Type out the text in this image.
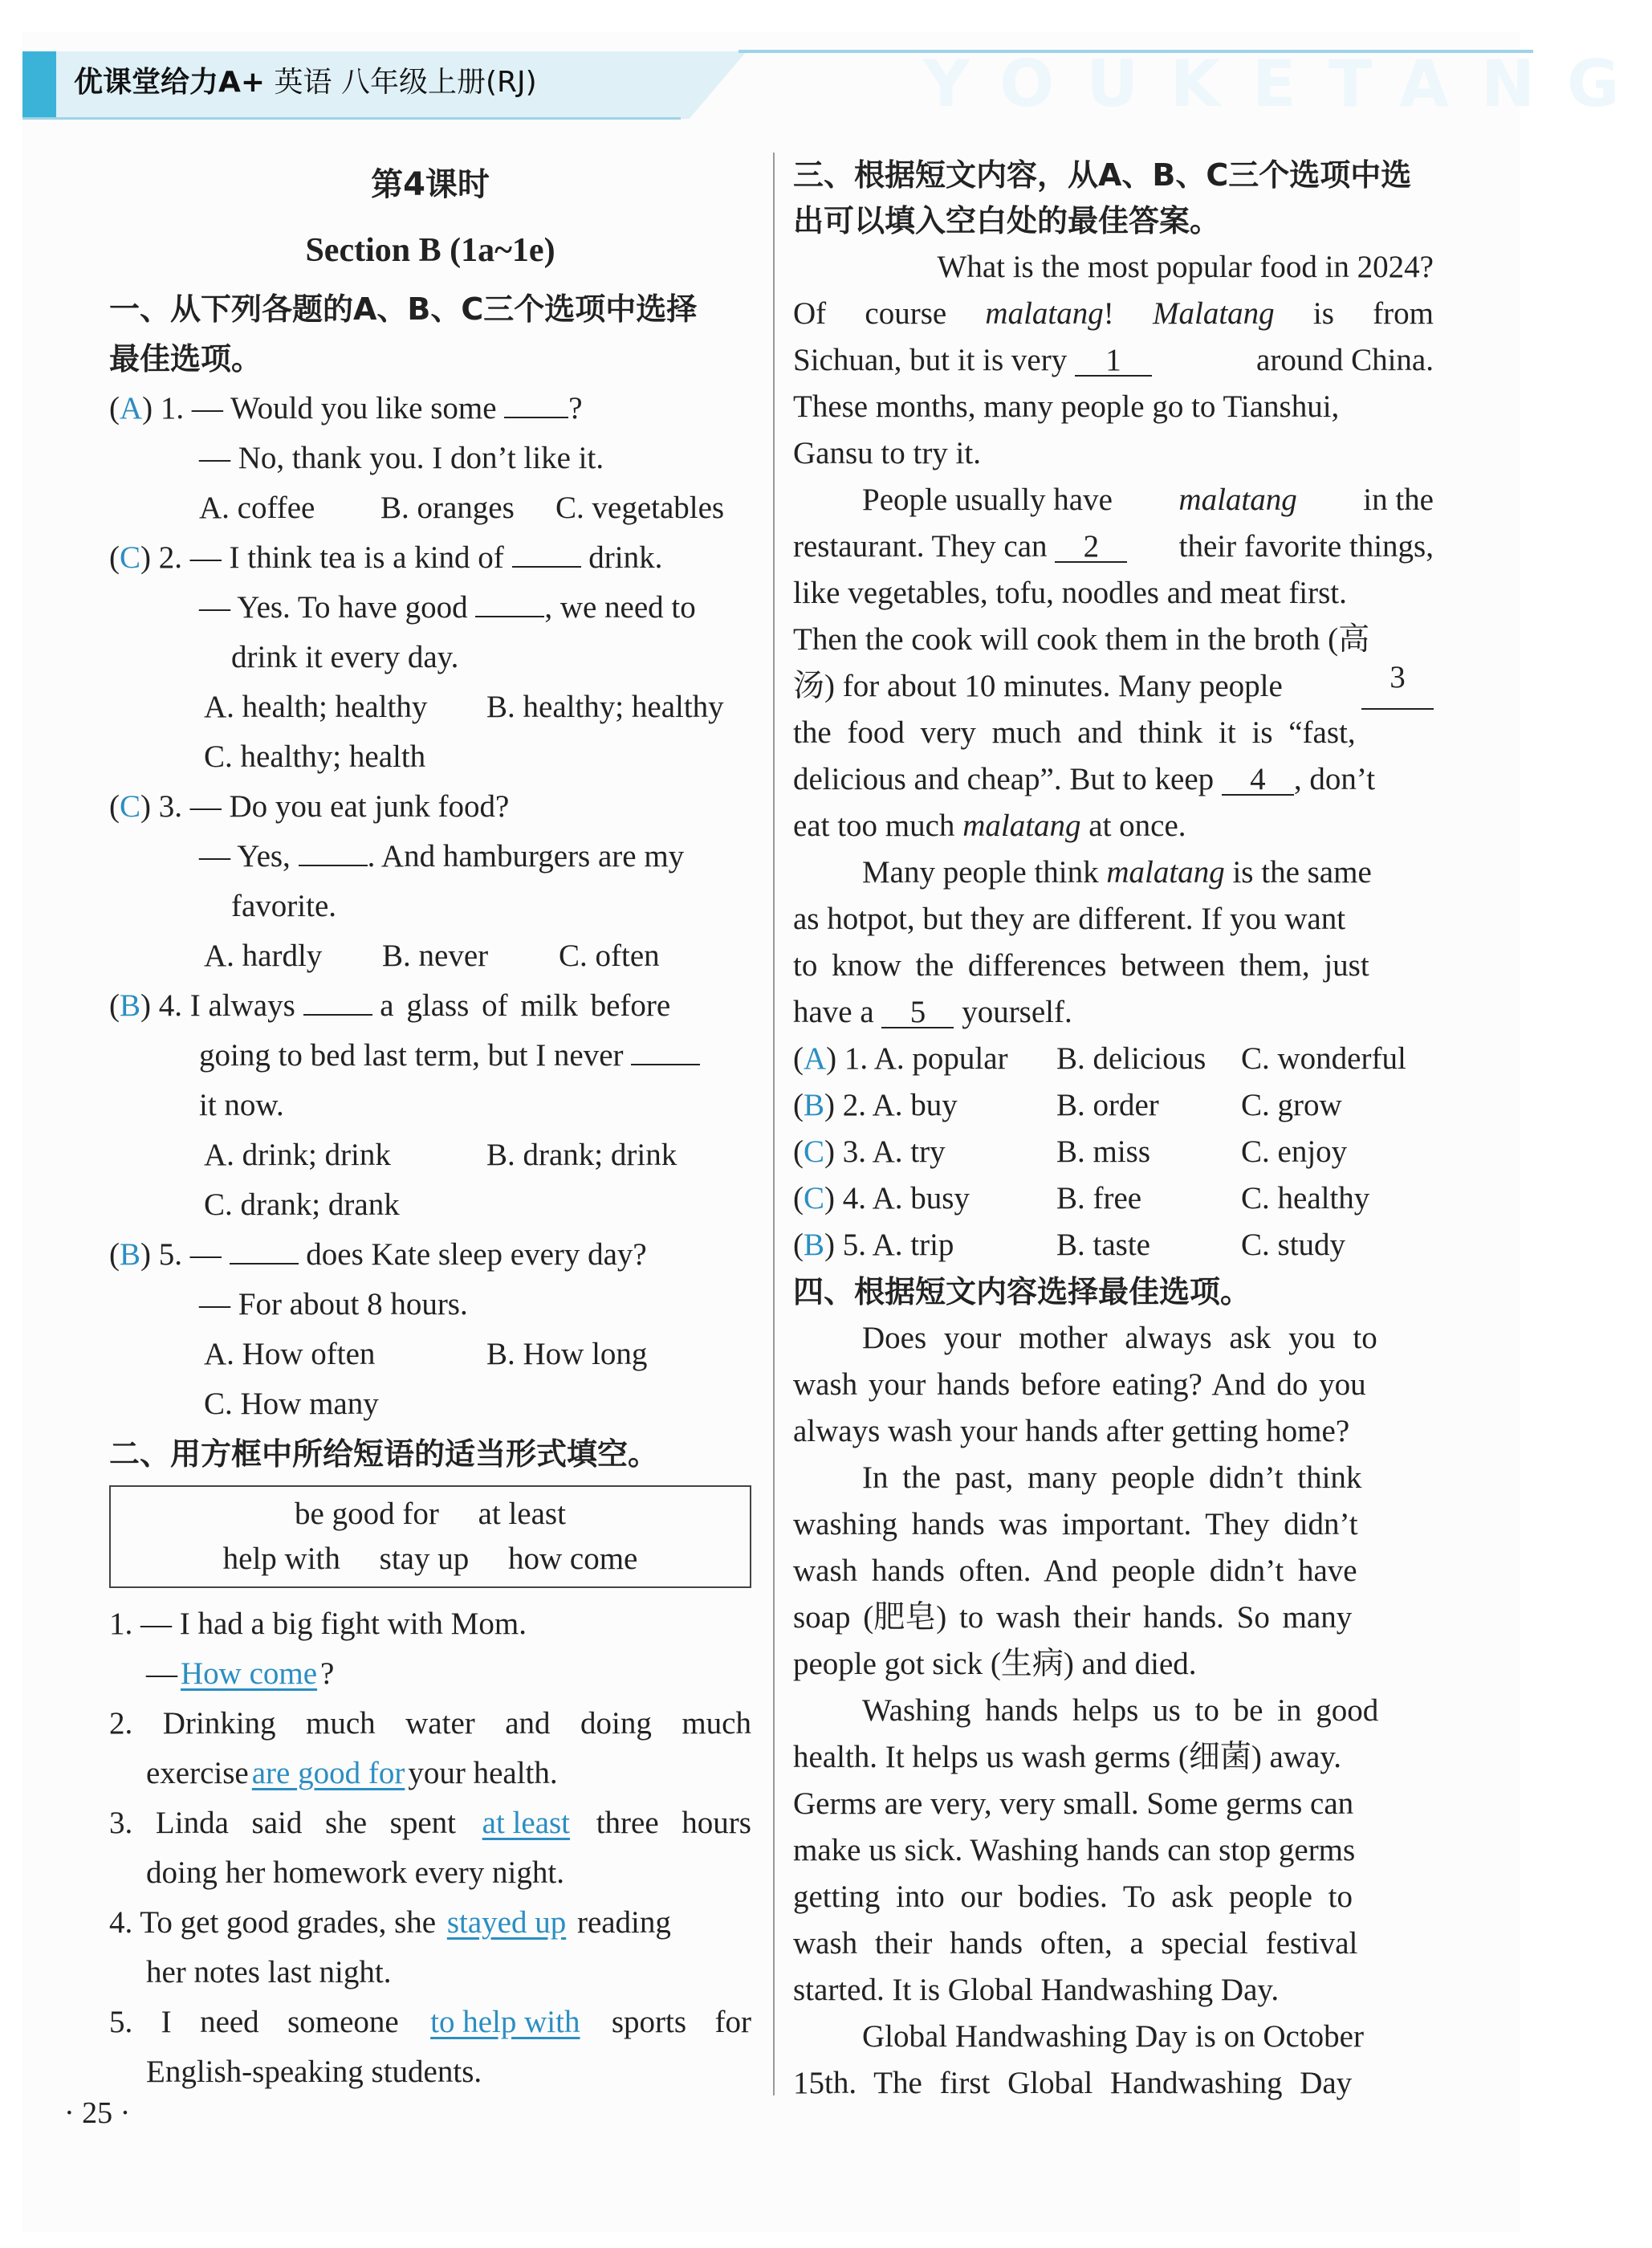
YOUKETANG
优课堂给力A+ 英语 八年级上册(RJ)
第4课时
Section B (1a~1e)
一、从下列各题的A、B、C三个选项中选择
最佳选项。
(A) 1. — Would you like some ?
— No, thank you. I don’t like it.
A. coffee	B. oranges	C. vegetables
(C) 2. — I think tea is a kind of	drink.
— Yes. To have good , we need to
drink it every day.
A. health; healthy	B. healthy; healthy
C. healthy; health
(C) 3. — Do you eat junk food?
— Yes, . And hamburgers are my
favorite.
A. hardly	B. never	C. often
(B) 4. I always	a glass of milk before
going to bed last term, but I never
it now.
A. drink; drink	B. drank; drink
C. drank; drank
(B) 5. —	does Kate sleep every day?
— For about 8 hours.
A. How often	B. How long
C. How many
二、用方框中所给短语的适当形式填空。
be good for at least
help with stay up how come
1. — I had a big fight with Mom.
— How come ?
2. Drinking much water and doing much
exercise are good for your health.
3. Linda said she spent at least three hours
doing her homework every night.
4. To get good grades, she stayed up reading
her notes last night.
5. I need someone to help with sports for
English-speaking students.
三、根据短文内容，从A、B、C三个选项中选
出可以填入空白处的最佳答案。
What is the most popular food in 2024?
Of course malatang! Malatang is from
Sichuan, but it is very 1	around China.
These months, many people go to Tianshui,
Gansu to try it.
People usually have malatang in the
restaurant. They can 2	their favorite things,
like vegetables, tofu, noodles and meat first.
Then the cook will cook them in the broth (高
汤) for about 10 minutes. Many people	3
the food very much and think it is “fast,
delicious and cheap”. But to keep 4 , don’t
eat too much malatang at once.
Many people think malatang is the same
as hotpot, but they are different. If you want
to know the differences between them, just
have a 5 yourself.
(A) 1. A. popular	B. delicious	C. wonderful
(B) 2. A. buy	B. order	C. grow
(C) 3. A. try	B. miss	C. enjoy
(C) 4. A. busy	B. free	C. healthy
(B) 5. A. trip	B. taste	C. study
四、根据短文内容选择最佳选项。
Does your mother always ask you to
wash your hands before eating? And do you
always wash your hands after getting home?
In the past, many people didn’t think
washing hands was important. They didn’t
wash hands often. And people didn’t have
soap (肥皂) to wash their hands. So many
people got sick (生病) and died.
Washing hands helps us to be in good
health. It helps us wash germs (细菌) away.
Germs are very, very small. Some germs can
make us sick. Washing hands can stop germs
getting into our bodies. To ask people to
wash their hands often, a special festival
started. It is Global Handwashing Day.
Global Handwashing Day is on October
15th. The first Global Handwashing Day
· 25 ·
